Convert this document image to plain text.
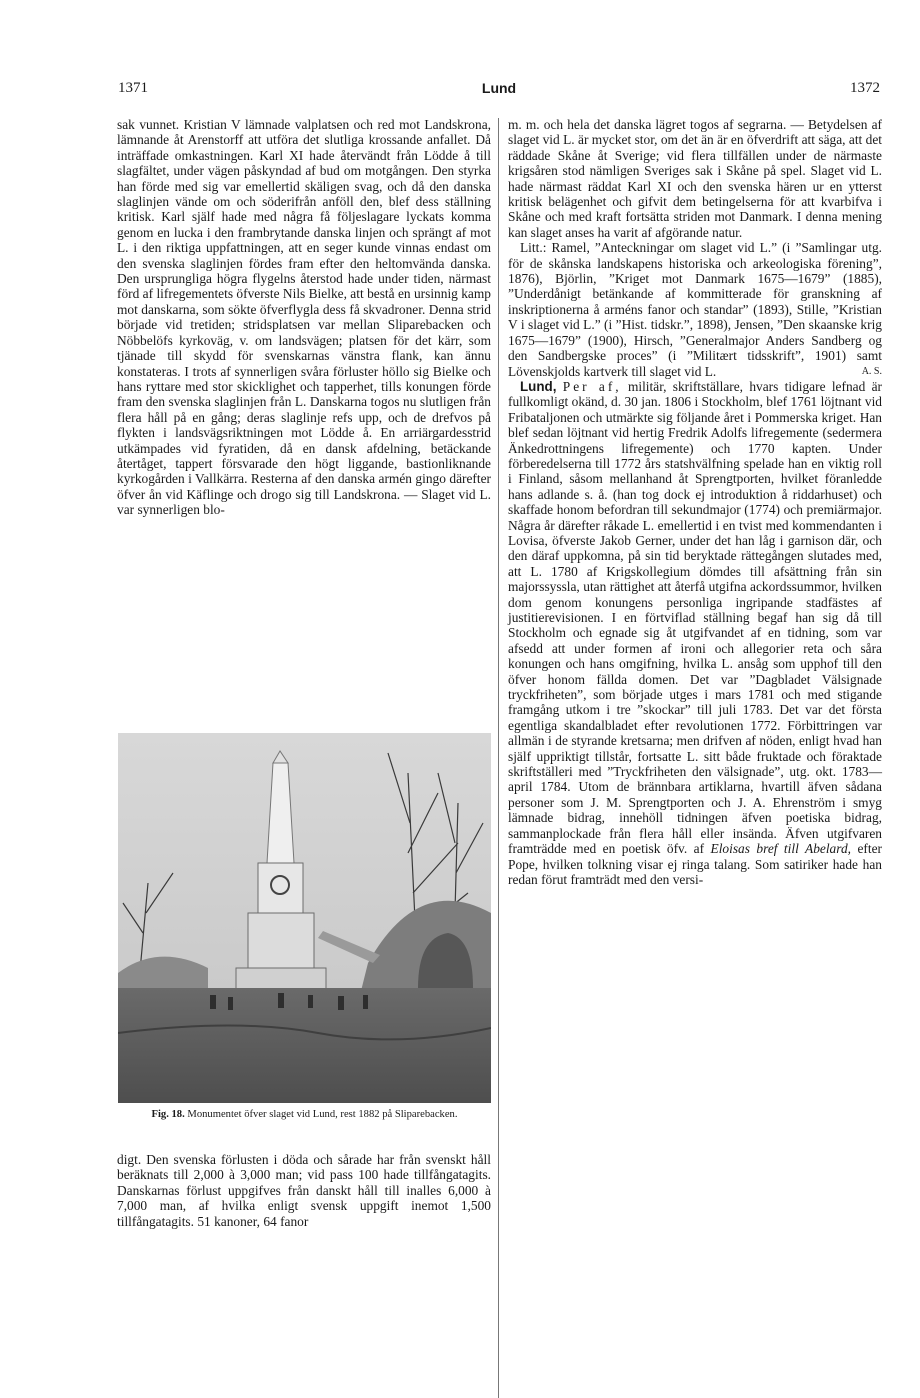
1371	Lund	1372

sak vunnet. Kristian V lämnade valplatsen och red mot Landskrona, lämnande åt Arenstorff att utföra det slutliga krossande anfallet. Då inträffade omkastningen. Karl XI hade återvändt från Lödde å till slagfältet, under vägen påskyndad af bud om motgången. Den styrka han förde med sig var emellertid skäligen svag, och då den danska slaglinjen vände om och söderifrån anföll den, blef dess ställning kritisk. Karl själf hade med några få följeslagare lyckats komma genom en lucka i den frambrytande danska linjen och sprängt af mot L. i den riktiga uppfattningen, att en seger kunde vinnas endast om den svenska slaglinjen fördes fram efter den heltomvända danska. Den ursprungliga högra flygelns återstod hade under tiden, närmast förd af lifregementets öfverste Nils Bielke, att bestå en ursinnig kamp mot danskarna, som sökte öfverflygla dess få skvadroner. Denna strid började vid tretiden; stridsplatsen var mellan Sliparebacken och Nöbbelöfs kyrkoväg, v. om landsvägen; platsen för det kärr, som tjänade till skydd för svenskarnas vänstra flank, kan ännu konstateras. I trots af synnerligen svåra förluster höllo sig Bielke och hans ryttare med stor skicklighet och tapperhet, tills konungen förde fram den svenska slaglinjen från L. Danskarna togos nu slutligen från flera håll på en gång; deras slaglinje refs upp, och de drefvos på flykten i landsvägsriktningen mot Lödde å. En arriärgardesstrid utkämpades vid fyratiden, då en dansk afdelning, betäckande återtåget, tappert försvarade den högt liggande, bastionliknande kyrkogården i Vallkärra. Resterna af den danska armén gingo därefter öfver ån vid Käflinge och drogo sig till Landskrona. — Slaget vid L. var synnerligen blo-

Fig. 18. Monumentet öfver slaget vid Lund, rest 1882 på Sliparebacken.

digt. Den svenska förlusten i döda och sårade har från svenskt håll beräknats till 2,000 à 3,000 man; vid pass 100 hade tillfångatagits. Danskarnas förlust uppgifves från danskt håll till inalles 6,000 à 7,000 man, af hvilka enligt svensk uppgift inemot 1,500 tillfångatagits. 51 kanoner, 64 fanor

m. m. och hela det danska lägret togos af segrarna. — Betydelsen af slaget vid L. är mycket stor, om det än är en öfverdrift att säga, att det räddade Skåne åt Sverige; vid flera tillfällen under de närmaste krigsåren stod nämligen Sveriges sak i Skåne på spel. Slaget vid L. hade närmast räddat Karl XI och den svenska hären ur en ytterst kritisk belägenhet och gifvit dem betingelserna för att kvarbifva i Skåne och med kraft fortsätta striden mot Danmark. I denna mening kan slaget anses ha varit af afgörande natur.

Litt.: Ramel, ”Anteckningar om slaget vid L.” (i ”Samlingar utg. för de skånska landskapens historiska och arkeologiska förening”, 1876), Björlin, ”Kriget mot Danmark 1675—1679” (1885), ”Underdånigt betänkande af kommitterade för granskning af inskriptionerna å arméns fanor och standar” (1893), Stille, ”Kristian V i slaget vid L.” (i ”Hist. tidskr.”, 1898), Jensen, ”Den skaanske krig 1675—1679” (1900), Hirsch, ”Generalmajor Anders Sandberg og den Sandbergske proces” (i ”Militært tidsskrift”, 1901) samt Lövenskjolds kartverk till slaget vid L.	A. S.

Lund, Per af, militär, skriftställare, hvars tidigare lefnad är fullkomligt okänd, d. 30 jan. 1806 i Stockholm, blef 1761 löjtnant vid Fribataljonen och utmärkte sig följande året i Pommerska kriget. Han blef sedan löjtnant vid hertig Fredrik Adolfs lifregemente (sedermera Änkedrottningens lifregemente) och 1770 kapten. Under förberedelserna till 1772 års statshvälfning spelade han en viktig roll i Finland, såsom mellanhand åt Sprengtporten, hvilket föranledde hans adlande s. å. (han tog dock ej introduktion å riddarhuset) och skaffade honom befordran till sekundmajor (1774) och premiärmajor. Några år därefter råkade L. emellertid i en tvist med kommendanten i Lovisa, öfverste Jakob Gerner, under det han låg i garnison där, och den däraf uppkomna, på sin tid beryktade rättegången slutades med, att L. 1780 af Krigskollegium dömdes till afsättning från sin majorssyssla, utan rättighet att återfå utgifna ackordssummor, hvilken dom genom konungens personliga ingripande stadfästes af justitierevisionen. I en förtviflad ställning begaf han sig då till Stockholm och egnade sig åt utgifvandet af en tidning, som var afsedd att under formen af ironi och allegorier reta och såra konungen och hans omgifning, hvilka L. ansåg som upphof till den öfver honom fällda domen. Det var ”Dagbladet Välsignade tryckfriheten”, som började utges i mars 1781 och med stigande framgång utkom i tre ”skockar” till juli 1783. Det var det första egentliga skandalbladet efter revolutionen 1772. Förbittringen var allmän i de styrande kretsarna; men drifven af nöden, enligt hvad han själf uppriktigt tillstår, fortsatte L. sitt både fruktade och föraktade skriftställeri med ”Tryckfriheten den välsignade”, utg. okt. 1783—april 1784. Utom de brännbara artiklarna, hvartill äfven sådana personer som J. M. Sprengtporten och J. A. Ehrenström i smyg lämnade bidrag, innehöll tidningen äfven poetiska bidrag, sammanplockade från flera håll eller insända. Äfven utgifvaren framträdde med en poetisk öfv. af Eloisas bref till Abelard, efter Pope, hvilken tolkning visar ej ringa talang. Som satiriker hade han redan förut framträdt med den versi-
